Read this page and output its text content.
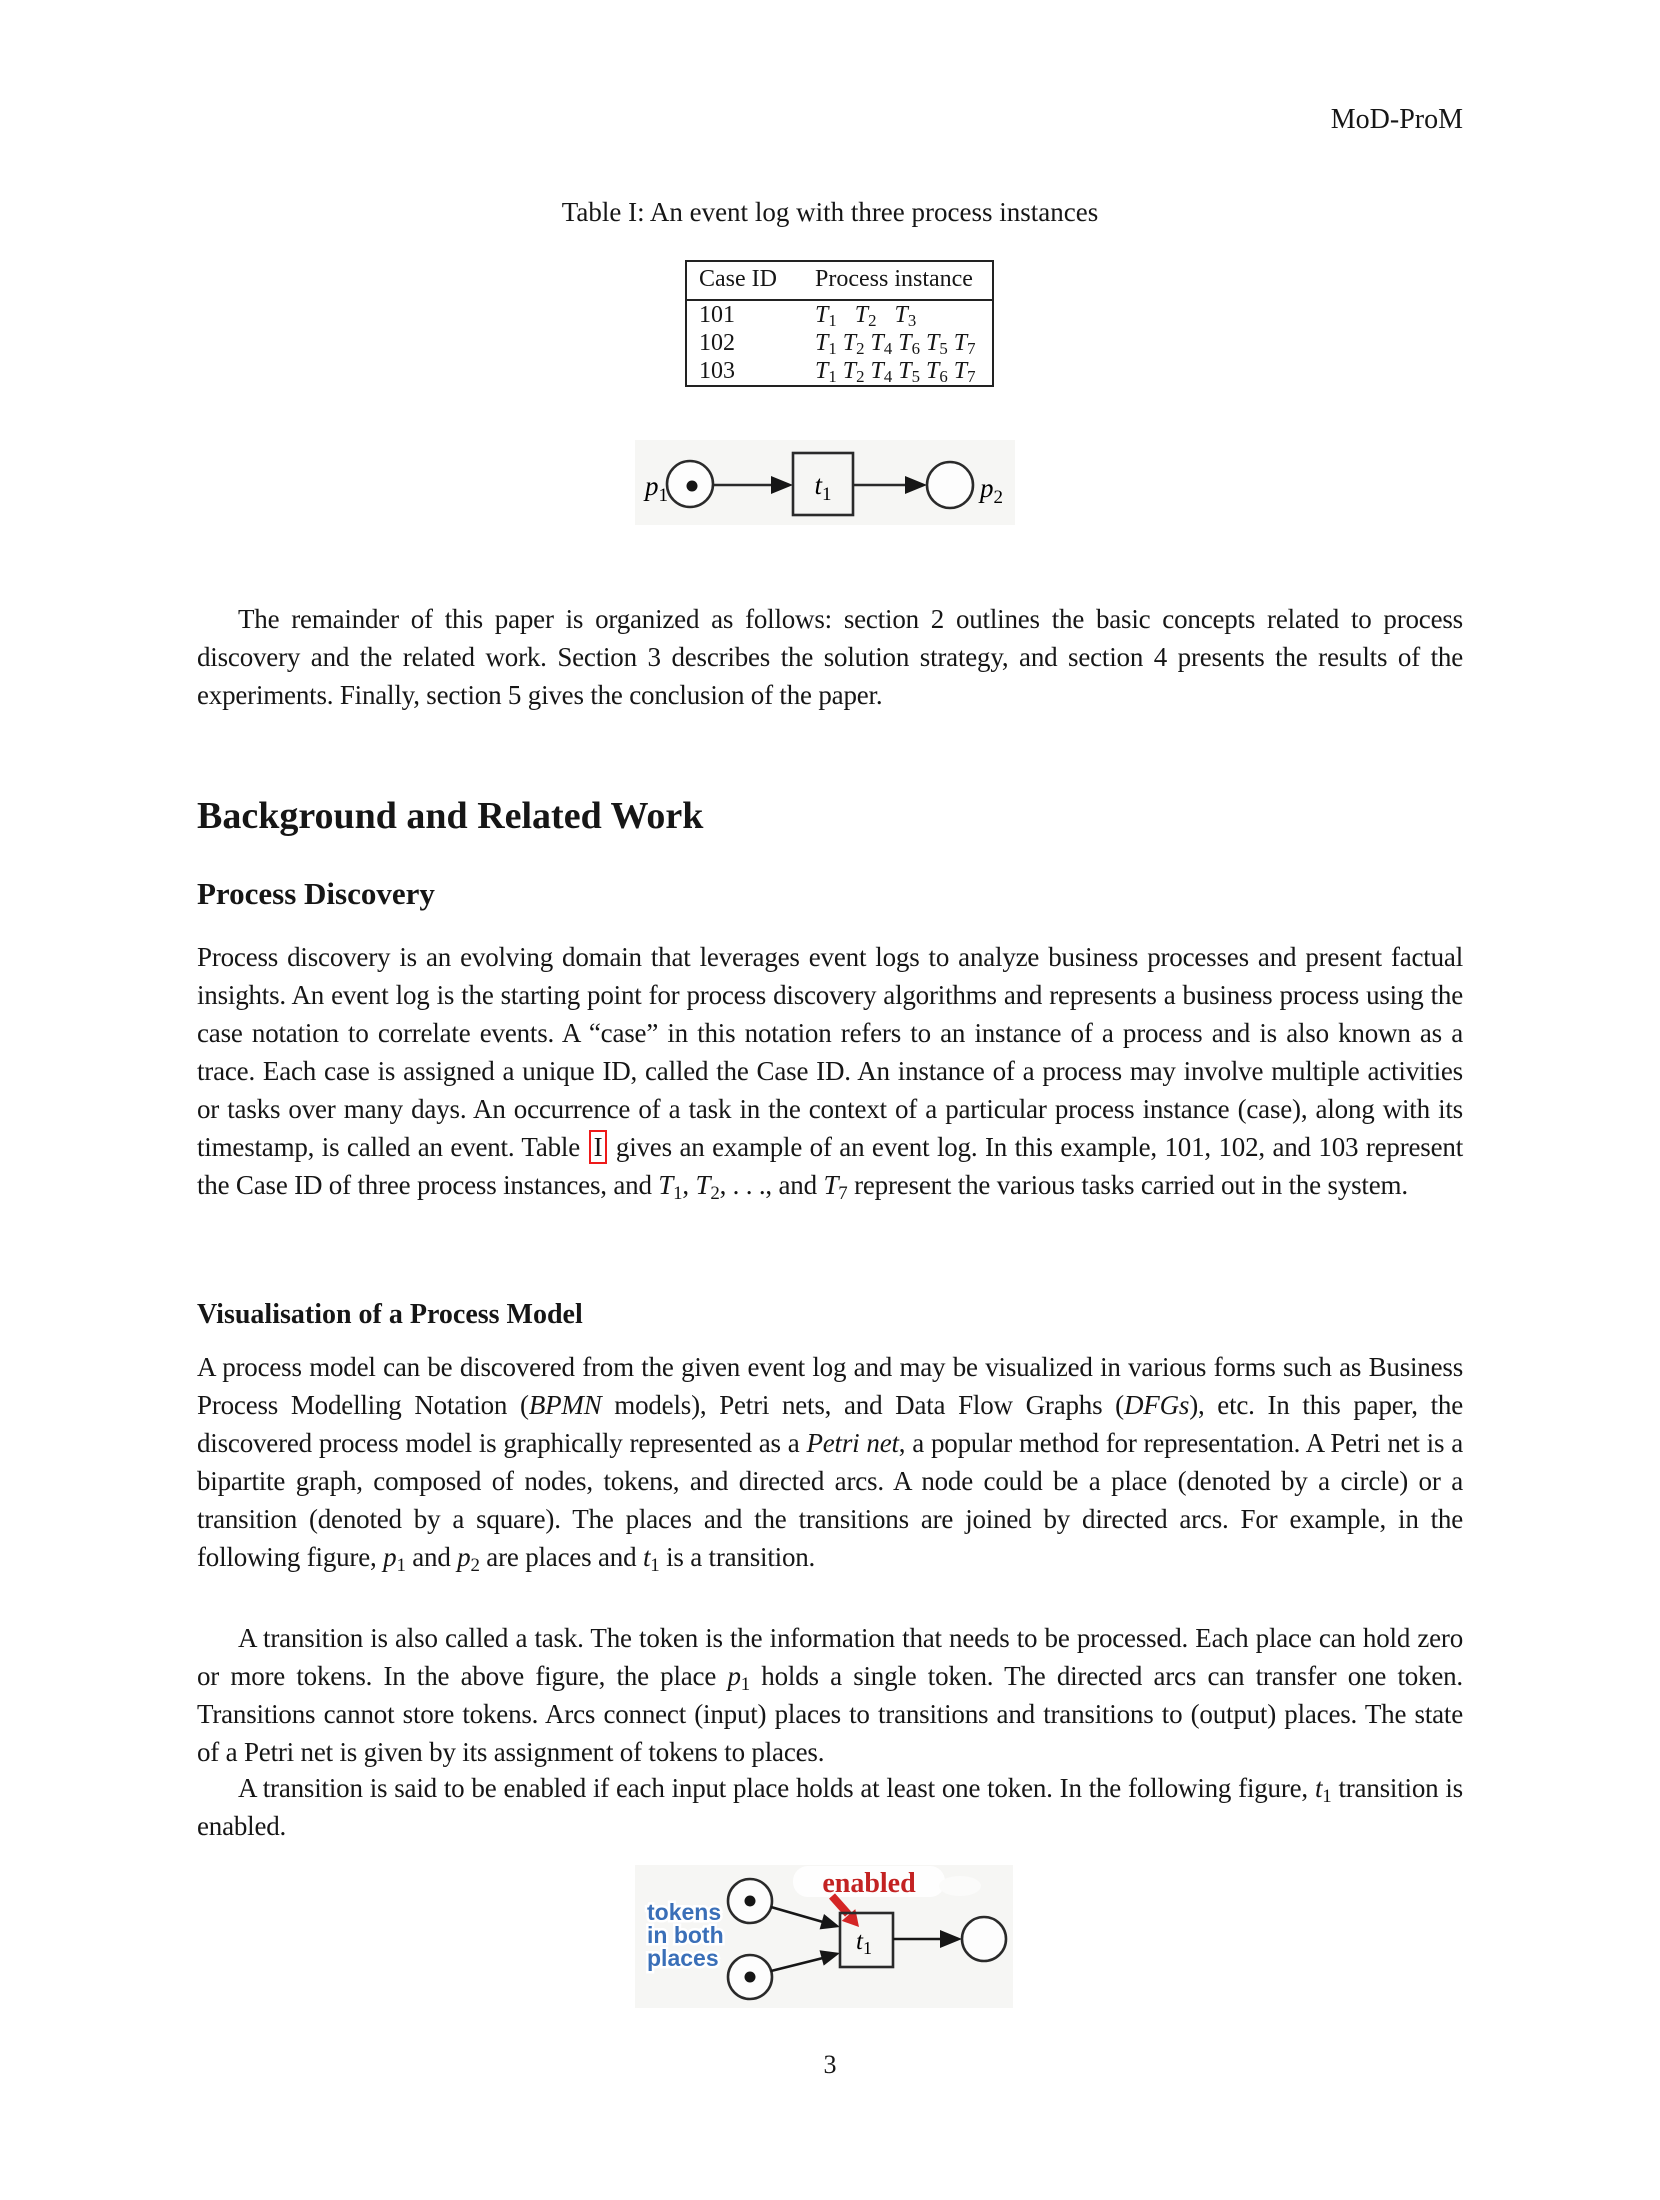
MoD-ProM
Table I: An event log with three process instances
Case ID	Process instance
101	$T_1$  $T_2$  $T_3$
102	$T_1$ $T_2$ $T_4$ $T_6$ $T_5$ $T_7$
103	$T_1$ $T_2$ $T_4$ $T_5$ $T_6$ $T_7$
$p_1$	$t_1$	$p_2$

The remainder of this paper is organized as follows: section 2 outlines the basic concepts related to process discovery and the related work. Section 3 describes the solution strategy, and section 4 presents the results of the experiments. Finally, section 5 gives the conclusion of the paper.

Background and Related Work
Process Discovery

Process discovery is an evolving domain that leverages event logs to analyze business processes and present factual insights. An event log is the starting point for process discovery algorithms and represents a business process using the case notation to correlate events. A “case” in this notation refers to an instance of a process and is also known as a trace. Each case is assigned a unique ID, called the Case ID. An instance of a process may involve multiple activities or tasks over many days. An occurrence of a task in the context of a particular process instance (case), along with its timestamp, is called an event. Table I gives an example of an event log. In this example, 101, 102, and 103 represent the Case ID of three process instances, and $T_1$, $T_2$, . . ., and $T_7$ represent the various tasks carried out in the system.

Visualisation of a Process Model

A process model can be discovered from the given event log and may be visualized in various forms such as Business Process Modelling Notation (BPMN models), Petri nets, and Data Flow Graphs (DFGs), etc. In this paper, the discovered process model is graphically represented as a Petri net, a popular method for representation. A Petri net is a bipartite graph, composed of nodes, tokens, and directed arcs. A node could be a place (denoted by a circle) or a transition (denoted by a square). The places and the transitions are joined by directed arcs. For example, in the following figure, $p_1$ and $p_2$ are places and $t_1$ is a transition.

A transition is also called a task. The token is the information that needs to be processed. Each place can hold zero or more tokens. In the above figure, the place $p_1$ holds a single token. The directed arcs can transfer one token. Transitions cannot store tokens. Arcs connect (input) places to transitions and transitions to (output) places. The state of a Petri net is given by its assignment of tokens to places.

A transition is said to be enabled if each input place holds at least one token. In the following figure, $t_1$ transition is enabled.

enabled
tokens
in both
places
$t_1$
3
